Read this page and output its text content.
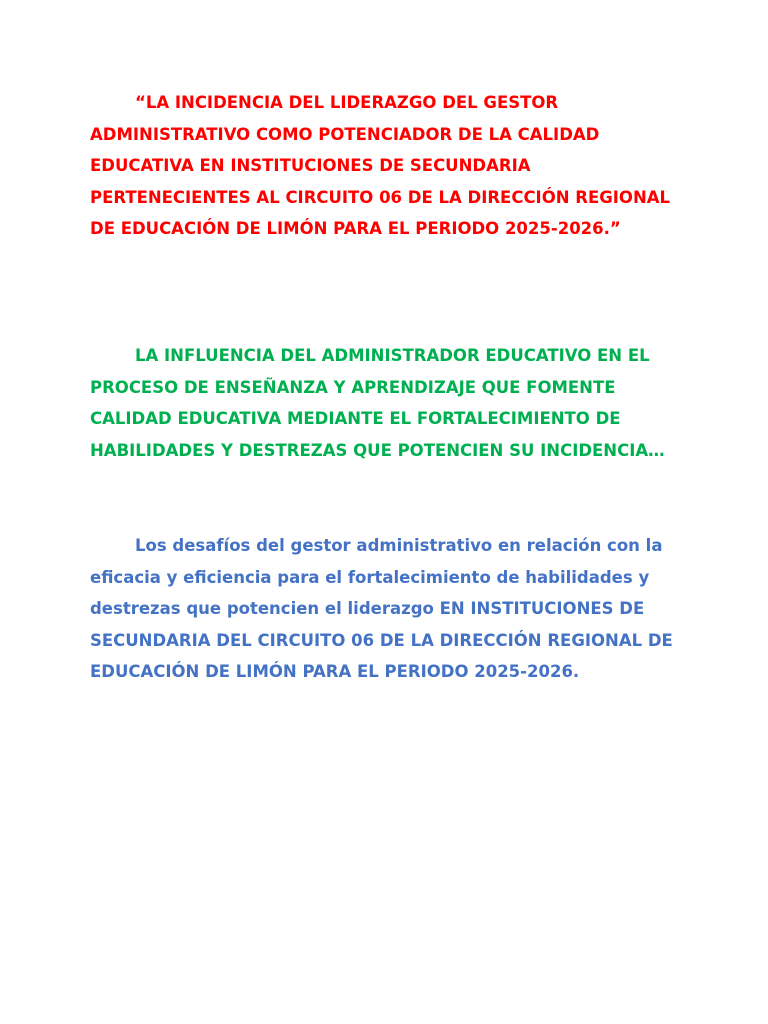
“LA INCIDENCIA DEL LIDERAZGO DEL GESTOR ADMINISTRATIVO COMO POTENCIADOR DE LA CALIDAD EDUCATIVA EN INSTITUCIONES DE SECUNDARIA PERTENECIENTES AL CIRCUITO 06 DE LA DIRECCIÓN REGIONAL DE EDUCACIÓN DE LIMÓN PARA EL PERIODO 2025-2026.”

LA INFLUENCIA DEL ADMINISTRADOR EDUCATIVO EN EL PROCESO DE ENSEÑANZA Y APRENDIZAJE QUE FOMENTE CALIDAD EDUCATIVA MEDIANTE EL FORTALECIMIENTO DE HABILIDADES Y DESTREZAS QUE POTENCIEN SU INCIDENCIA…

Los desafíos del gestor administrativo en relación con la eficacia y eficiencia para el fortalecimiento de habilidades y destrezas que potencien el liderazgo EN INSTITUCIONES DE SECUNDARIA DEL CIRCUITO 06 DE LA DIRECCIÓN REGIONAL DE EDUCACIÓN DE LIMÓN PARA EL PERIODO 2025-2026.
